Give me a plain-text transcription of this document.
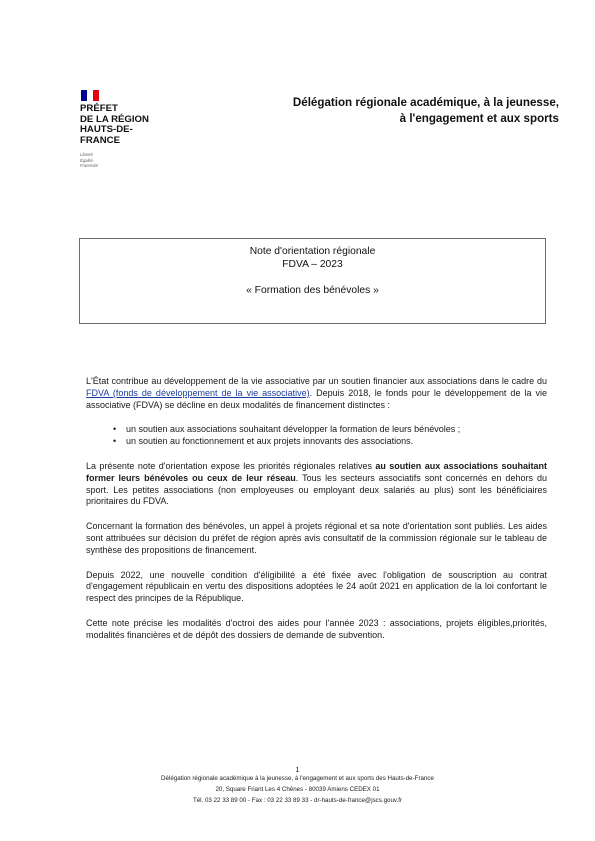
PRÉFET
DE LA RÉGION
HAUTS-DE-FRANCE
Liberté
Égalité
Fraternité
Délégation régionale académique, à la jeunesse,
à l'engagement et aux sports
Note d'orientation régionale
FDVA – 2023
« Formation des bénévoles »

L'État contribue au développement de la vie associative par un soutien financier aux associations dans le cadre du FDVA (fonds de développement de la vie associative). Depuis 2018, le fonds pour le développement de la vie associative (FDVA) se décline en deux modalités de financement distinctes :

• un soutien aux associations souhaitant développer la formation de leurs bénévoles ;
• un soutien au fonctionnement et aux projets innovants des associations.

La présente note d'orientation expose les priorités régionales relatives au soutien aux associations souhaitant former leurs bénévoles ou ceux de leur réseau. Tous les secteurs associatifs sont concernés en dehors du sport. Les petites associations (non employeuses ou employant deux salariés au plus) sont les bénéficiaires prioritaires du FDVA.

Concernant la formation des bénévoles, un appel à projets régional et sa note d'orientation sont publiés. Les aides sont attribuées sur décision du préfet de région après avis consultatif de la commission régionale sur le tableau de synthèse des propositions de financement.

Depuis 2022, une nouvelle condition d'éligibilité a été fixée avec l'obligation de souscription au contrat d'engagement républicain en vertu des dispositions adoptées le 24 août 2021 en application de la loi confortant le respect des principes de la République.

Cette note précise les modalités d'octroi des aides pour l'année 2023 : associations, projets éligibles,priorités, modalités financières et de dépôt des dossiers de demande de subvention.

1
Délégation régionale académique à la jeunesse, à l'engagement et aux sports des Hauts-de-France
20, Square Friant Les 4 Chênes - 80039 Amiens CEDEX 01
Tél. 03 22 33 89 00 - Fax : 03 22 33 89 33 - dr-hauts-de-france@jscs.gouv.fr
